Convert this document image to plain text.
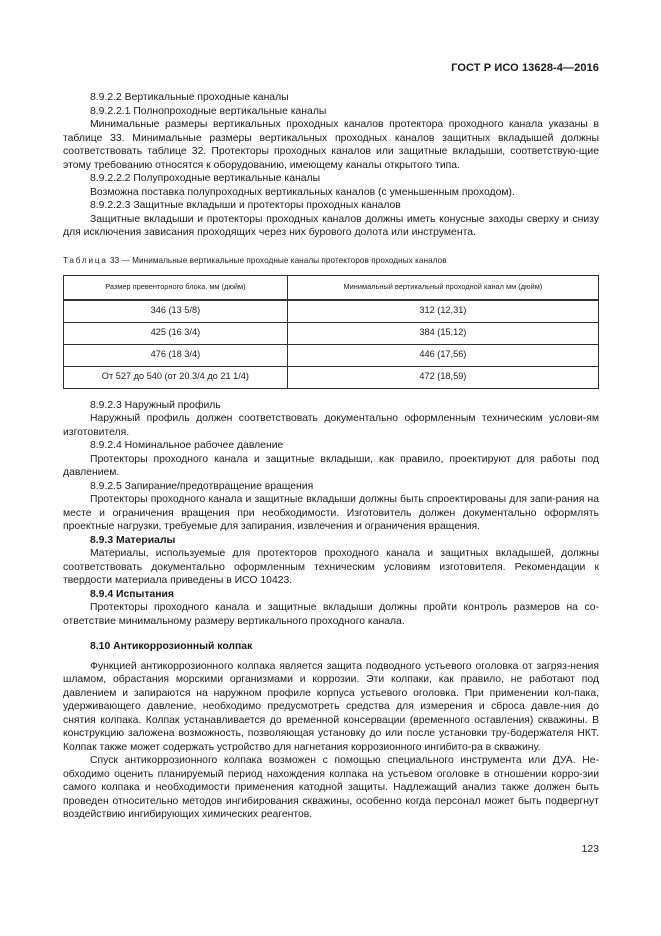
ГОСТ Р ИСО 13628-4—2016

8.9.2.2 Вертикальные проходные каналы

8.9.2.2.1 Полнопроходные вертикальные каналы

Минимальные размеры вертикальных проходных каналов протектора проходного канала указаны в таблице 33. Минимальные размеры вертикальных проходных каналов защитных вкладышей должны соответствовать таблице 32. Протекторы проходных каналов или защитные вкладыши, соответствую-щие этому требованию относятся к оборудованию, имеющему каналы открытого типа.

8.9.2.2.2 Полупроходные вертикальные каналы

Возможна поставка полупроходных вертикальных каналов (с уменьшенным проходом).

8.9.2.2.3 Защитные вкладыши и протекторы проходных каналов

Защитные вкладыши и протекторы проходных каналов должны иметь конусные заходы сверху и снизу для исключения зависания проходящих через них бурового долота или инструмента.

Таблица 33 — Минимальные вертикальные проходные каналы протекторов проходных каналов
Размер превенторного блока, мм (дюйм)	Минимальный вертикальный проходной канал мм (дюйм)
346 (13 5/8)	312 (12,31)
425 (16 3/4)	384 (15,12)
476 (18 3/4)	446 (17,56)
От 527 до 540 (от 20 3/4 до 21 1/4)	472 (18,59)

8.9.2.3 Наружный профиль

Наружный профиль должен соответствовать документально оформленным техническим услови-ям изготовителя.

8.9.2.4 Номинальное рабочее давление

Протекторы проходного канала и защитные вкладыши, как правило, проектируют для работы под давлением.

8.9.2.5 Запирание/предотвращение вращения

Протекторы проходного канала и защитные вкладыши должны быть спроектированы для запи-рания на месте и ограничения вращения при необходимости. Изготовитель должен документально оформлять проектные нагрузки, требуемые для запирания, извлечения и ограничения вращения.

8.9.3 Материалы

Материалы, используемые для протекторов проходного канала и защитных вкладышей, должны соответствовать документально оформленным техническим условиям изготовителя. Рекомендации к твердости материала приведены в ИСО 10423.

8.9.4 Испытания

Протекторы проходного канала и защитные вкладыши должны пройти контроль размеров на со-ответствие минимальному размеру вертикального проходного канала.

8.10 Антикоррозионный колпак

Функцией антикоррозионного колпака является защита подводного устьевого оголовка от загряз-нения шламом, обрастания морскими организмами и коррозии. Эти колпаки, как правило, не работают под давлением и запираются на наружном профиле корпуса устьевого оголовка. При применении кол-пака, удерживающего давление, необходимо предусмотреть средства для измерения и сброса давле-ния до снятия колпака. Колпак устанавливается до временной консервации (временного оставления) скважины. В конструкцию заложена возможность, позволяющая установку до или после установки тру-бодержателя НКТ. Колпак также может содержать устройство для нагнетания коррозионного ингибито-ра в скважину.

Спуск антикоррозионного колпака возможен с помощью специального инструмента или ДУА. Не-обходимо оценить планируемый период нахождения колпака на устьевом оголовке в отношении корро-зии самого колпака и необходимости применения катодной защиты. Надлежащий анализ также должен быть проведен относительно методов ингибирования скважины, особенно когда персонал может быть подвергнут воздействию ингибирующих химических реагентов.

123
